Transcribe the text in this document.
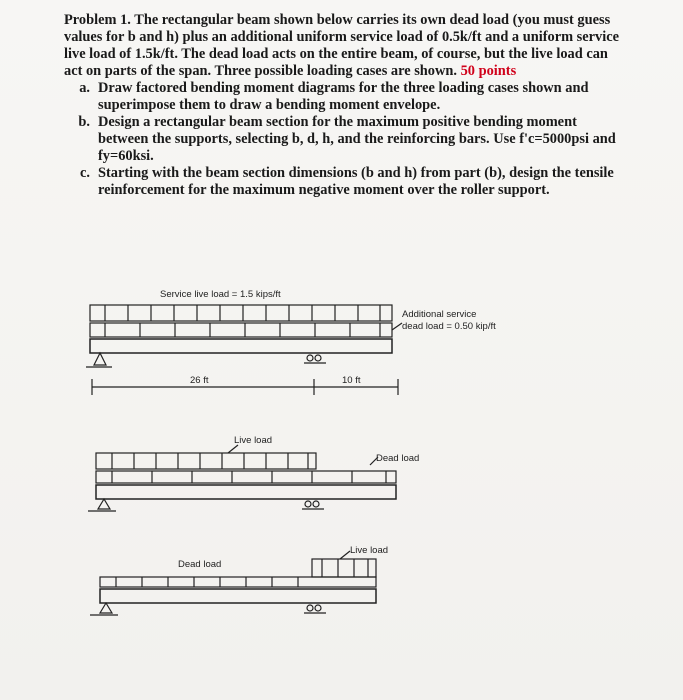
Problem 1. The rectangular beam shown below carries its own dead load (you must guess values for b and h) plus an additional uniform service load of 0.5k/ft and a uniform service live load of 1.5k/ft. The dead load acts on the entire beam, of course, but the live load can act on parts of the span. Three possible loading cases are shown. 50 points

a. Draw factored bending moment diagrams for the three loading cases shown and superimpose them to draw a bending moment envelope.
b. Design a rectangular beam section for the maximum positive bending moment between the supports, selecting b, d, h, and the reinforcing bars. Use f'c=5000psi and fy=60ksi.
c. Starting with the beam section dimensions (b and h) from part (b), design the tensile reinforcement for the maximum negative moment over the roller support.
Service live load = 1.5 kips/ft
Additional service
dead load = 0.50 kip/ft
26 ft	10 ft
Live load
Dead load
Live load
Dead load
